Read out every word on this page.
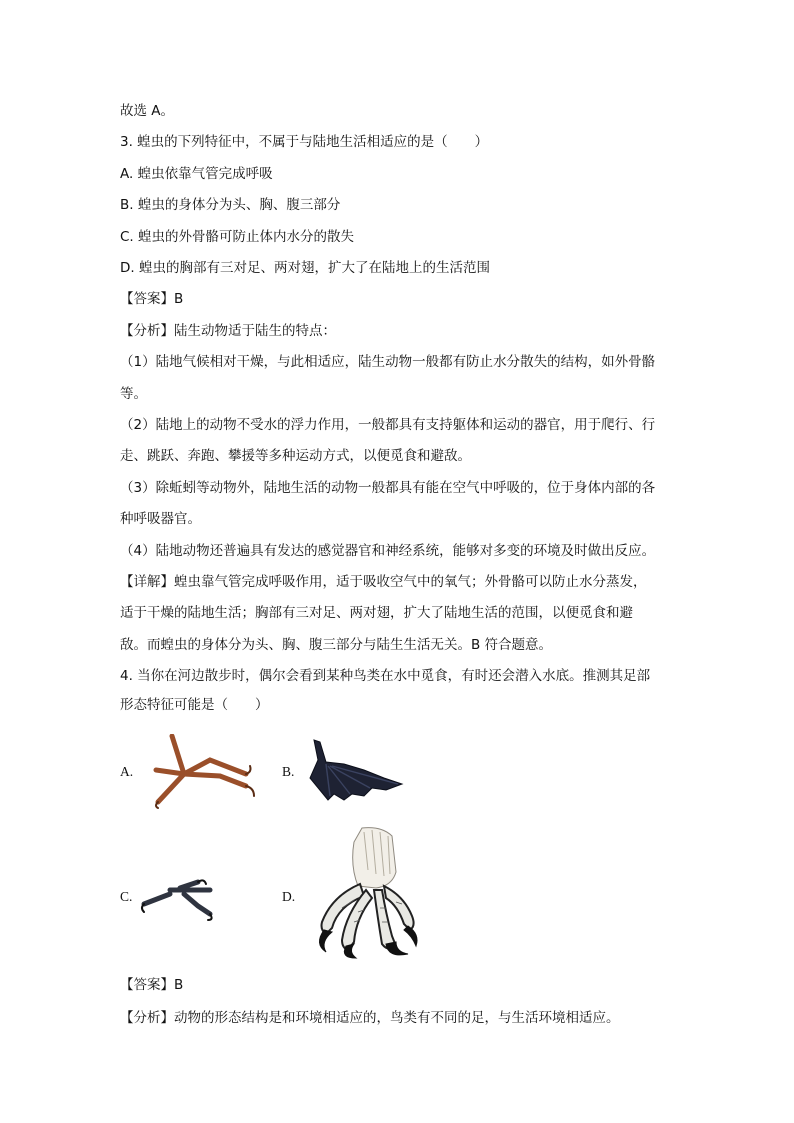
故选 A。
3. 蝗虫的下列特征中，不属于与陆地生活相适应的是（　　）
A. 蝗虫依靠气管完成呼吸
B. 蝗虫的身体分为头、胸、腹三部分
C. 蝗虫的外骨骼可防止体内水分的散失
D. 蝗虫的胸部有三对足、两对翅，扩大了在陆地上的生活范围
【答案】B
【分析】陆生动物适于陆生的特点：
（1）陆地气候相对干燥，与此相适应，陆生动物一般都有防止水分散失的结构，如外骨骼
等。
（2）陆地上的动物不受水的浮力作用，一般都具有支持躯体和运动的器官，用于爬行、行
走、跳跃、奔跑、攀援等多种运动方式，以便觅食和避敌。
（3）除蚯蚓等动物外，陆地生活的动物一般都具有能在空气中呼吸的，位于身体内部的各
种呼吸器官。
（4）陆地动物还普遍具有发达的感觉器官和神经系统，能够对多变的环境及时做出反应。
【详解】蝗虫靠气管完成呼吸作用，适于吸收空气中的氧气；外骨骼可以防止水分蒸发，
适于干燥的陆地生活；胸部有三对足、两对翅，扩大了陆地生活的范围，以便觅食和避
敌。而蝗虫的身体分为头、胸、腹三部分与陆生生活无关。B 符合题意。
4. 当你在河边散步时，偶尔会看到某种鸟类在水中觅食，有时还会潜入水底。推测其足部
形态特征可能是（　　）
A.	B.
C.	D.
【答案】B
【分析】动物的形态结构是和环境相适应的，鸟类有不同的足，与生活环境相适应。
